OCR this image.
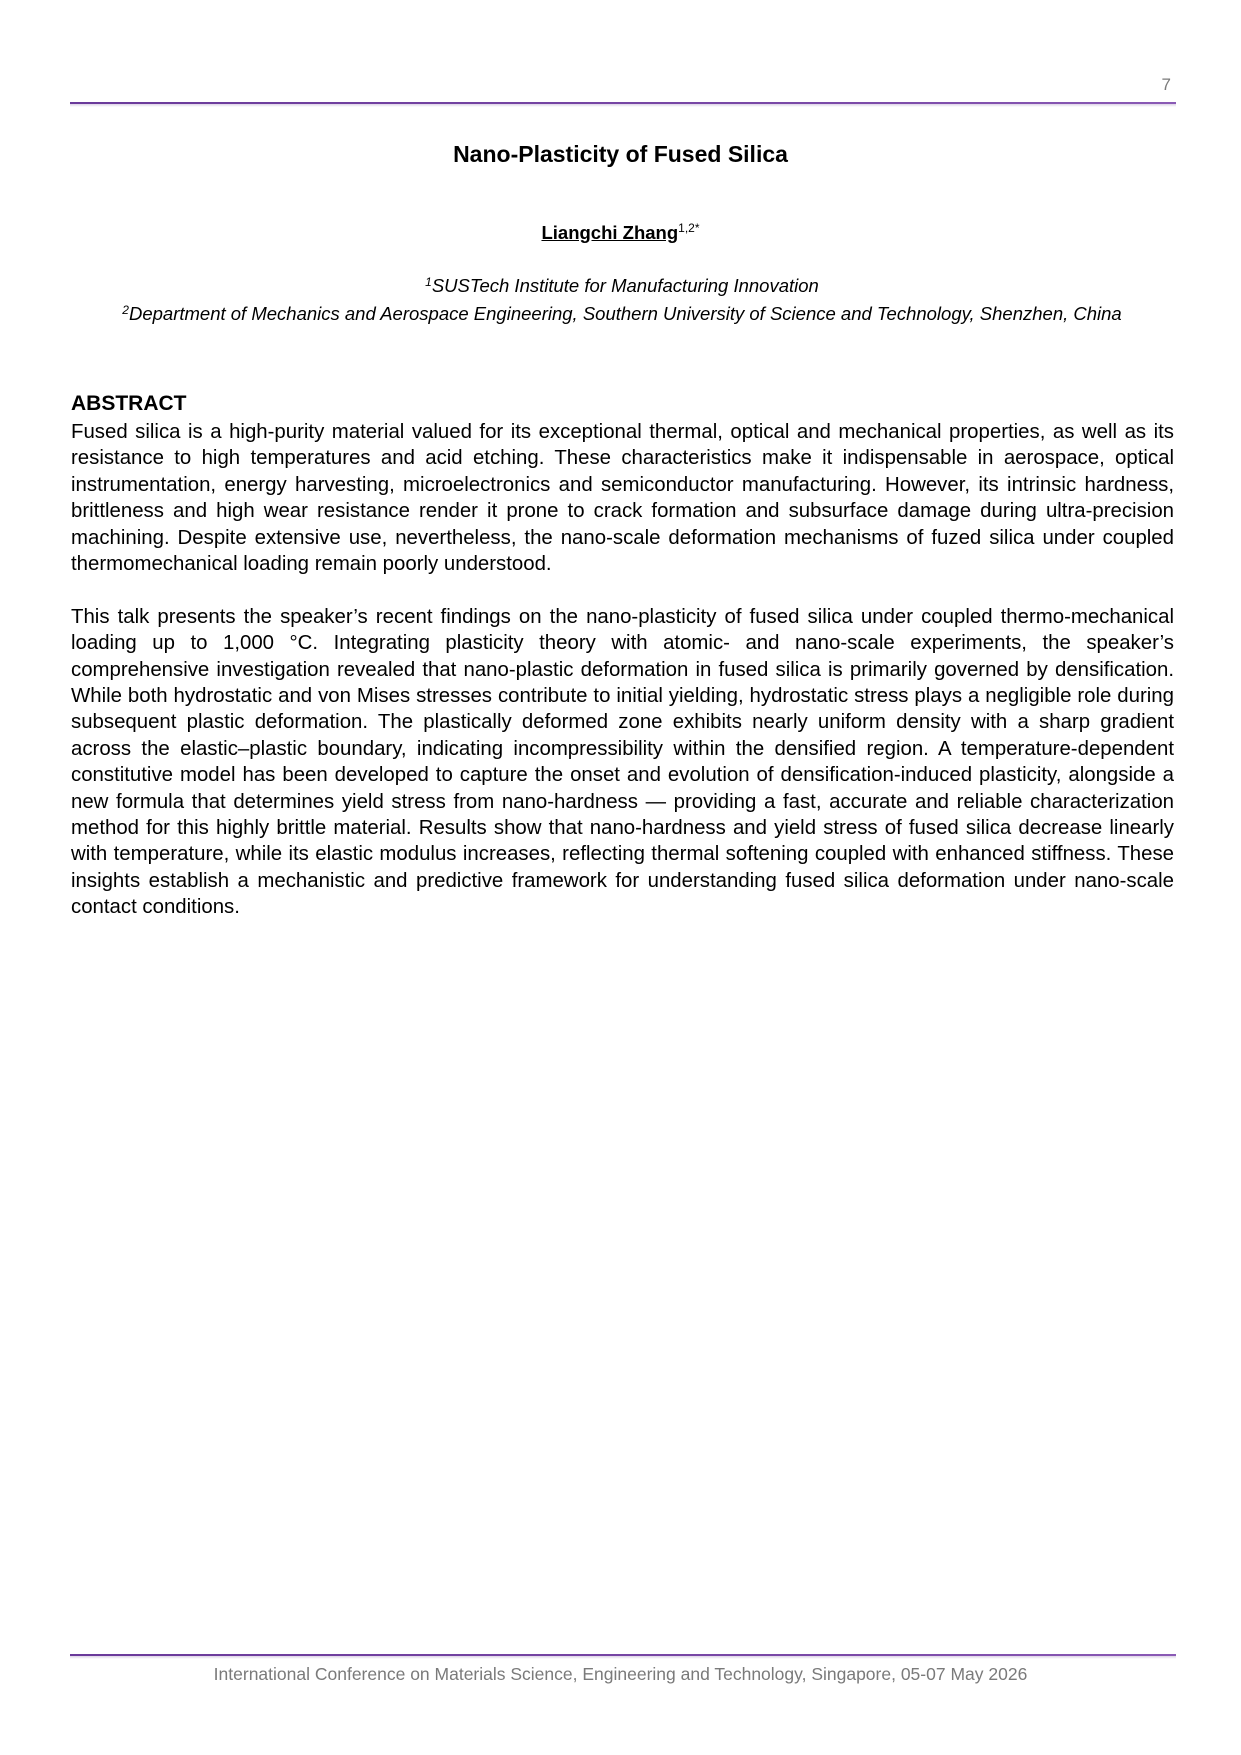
7
Nano-Plasticity of Fused Silica
Liangchi Zhang$^{1,2*}$
$^1$SUSTech Institute for Manufacturing Innovation
$^2$Department of Mechanics and Aerospace Engineering, Southern University of Science and Technology, Shenzhen, China
ABSTRACT

Fused silica is a high-purity material valued for its exceptional thermal, optical and mechanical properties, as well as its resistance to high temperatures and acid etching. These characteristics make it indispensable in aerospace, optical instrumentation, energy harvesting, microelectronics and semiconductor manufacturing. However, its intrinsic hardness, brittleness and high wear resistance render it prone to crack formation and subsurface damage during ultra-precision machining. Despite extensive use, nevertheless, the nano-scale deformation mechanisms of fuzed silica under coupled thermomechanical loading remain poorly understood.

This talk presents the speaker’s recent findings on the nano-plasticity of fused silica under coupled thermo-mechanical loading up to 1,000 °C. Integrating plasticity theory with atomic- and nano-scale experiments, the speaker’s comprehensive investigation revealed that nano-plastic deformation in fused silica is primarily governed by densification. While both hydrostatic and von Mises stresses contribute to initial yielding, hydrostatic stress plays a negligible role during subsequent plastic deformation. The plastically deformed zone exhibits nearly uniform density with a sharp gradient across the elastic–plastic boundary, indicating incompressibility within the densified region. A temperature-dependent constitutive model has been developed to capture the onset and evolution of densification-induced plasticity, alongside a new formula that determines yield stress from nano-hardness — providing a fast, accurate and reliable characterization method for this highly brittle material. Results show that nano-hardness and yield stress of fused silica decrease linearly with temperature, while its elastic modulus increases, reflecting thermal softening coupled with enhanced stiffness. These insights establish a mechanistic and predictive framework for understanding fused silica deformation under nano-scale contact conditions.

International Conference on Materials Science, Engineering and Technology, Singapore, 05-07 May 2026
